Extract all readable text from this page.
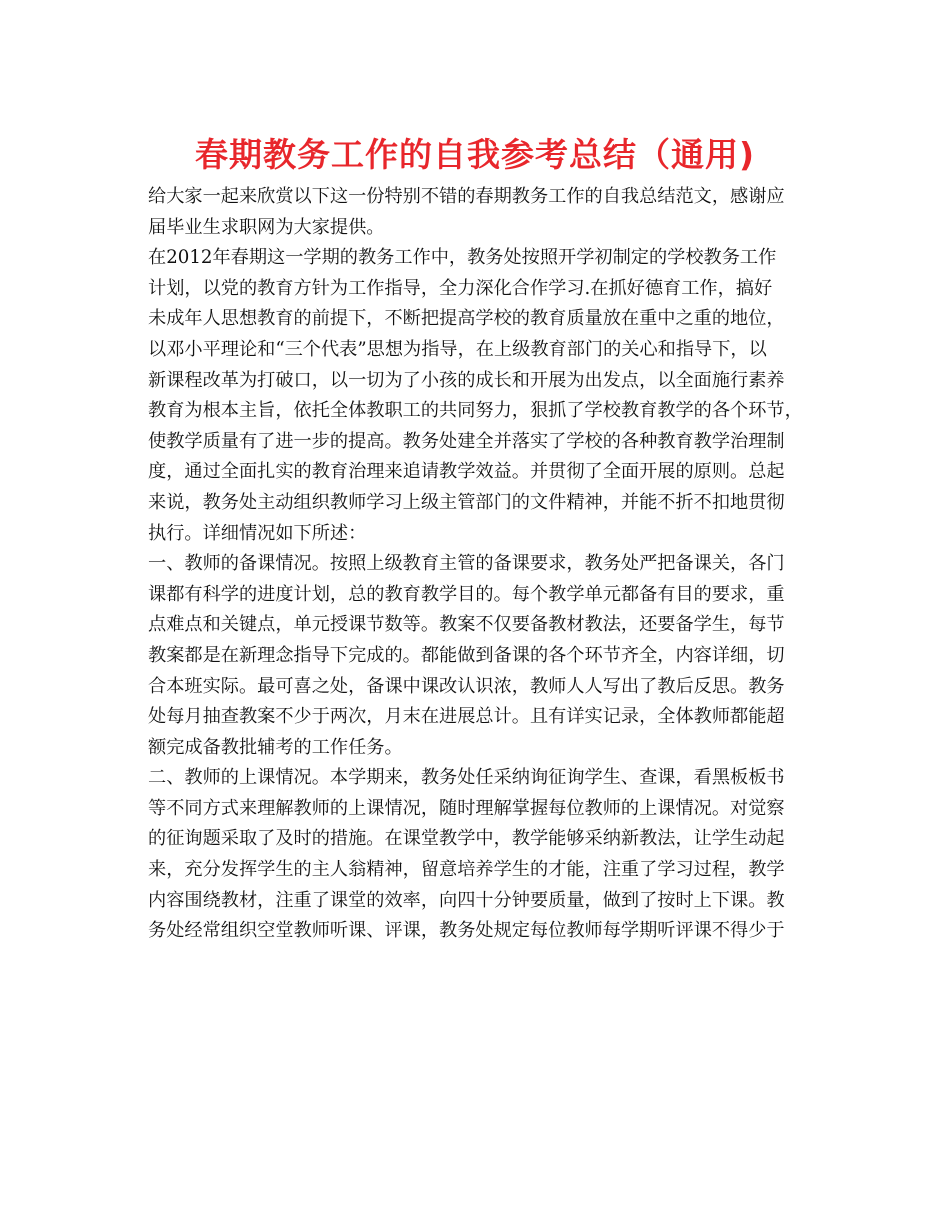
春期教务工作的自我参考总结（通用)
给大家一起来欣赏以下这一份特别不错的春期教务工作的自我总结范文，感谢应
届毕业生求职网为大家提供。
在2012年春期这一学期的教务工作中，教务处按照开学初制定的学校教务工作
计划，以党的教育方针为工作指导，全力深化合作学习.在抓好德育工作，搞好
未成年人思想教育的前提下，不断把提高学校的教育质量放在重中之重的地位，
以邓小平理论和“三个代表”思想为指导，在上级教育部门的关心和指导下，以
新课程改革为打破口，以一切为了小孩的成长和开展为出发点，以全面施行素养
教育为根本主旨，依托全体教职工的共同努力，狠抓了学校教育教学的各个环节，
使教学质量有了进一步的提高。教务处建全并落实了学校的各种教育教学治理制
度，通过全面扎实的教育治理来追请教学效益。并贯彻了全面开展的原则。总起
来说，教务处主动组织教师学习上级主管部门的文件精神，并能不折不扣地贯彻
执行。详细情况如下所述：
一、教师的备课情况。按照上级教育主管的备课要求，教务处严把备课关，各门
课都有科学的进度计划，总的教育教学目的。每个教学单元都备有目的要求，重
点难点和关键点，单元授课节数等。教案不仅要备教材教法，还要备学生，每节
教案都是在新理念指导下完成的。都能做到备课的各个环节齐全，内容详细，切
合本班实际。最可喜之处，备课中课改认识浓，教师人人写出了教后反思。教务
处每月抽查教案不少于两次，月末在进展总计。且有详实记录，全体教师都能超
额完成备教批辅考的工作任务。
二、教师的上课情况。本学期来，教务处任采纳询征询学生、查课，看黑板板书
等不同方式来理解教师的上课情况，随时理解掌握每位教师的上课情况。对觉察
的征询题采取了及时的措施。在课堂教学中，教学能够采纳新教法，让学生动起
来，充分发挥学生的主人翁精神，留意培养学生的才能，注重了学习过程，教学
内容围绕教材，注重了课堂的效率，向四十分钟要质量，做到了按时上下课。教
务处经常组织空堂教师听课、评课，教务处规定每位教师每学期听评课不得少于
